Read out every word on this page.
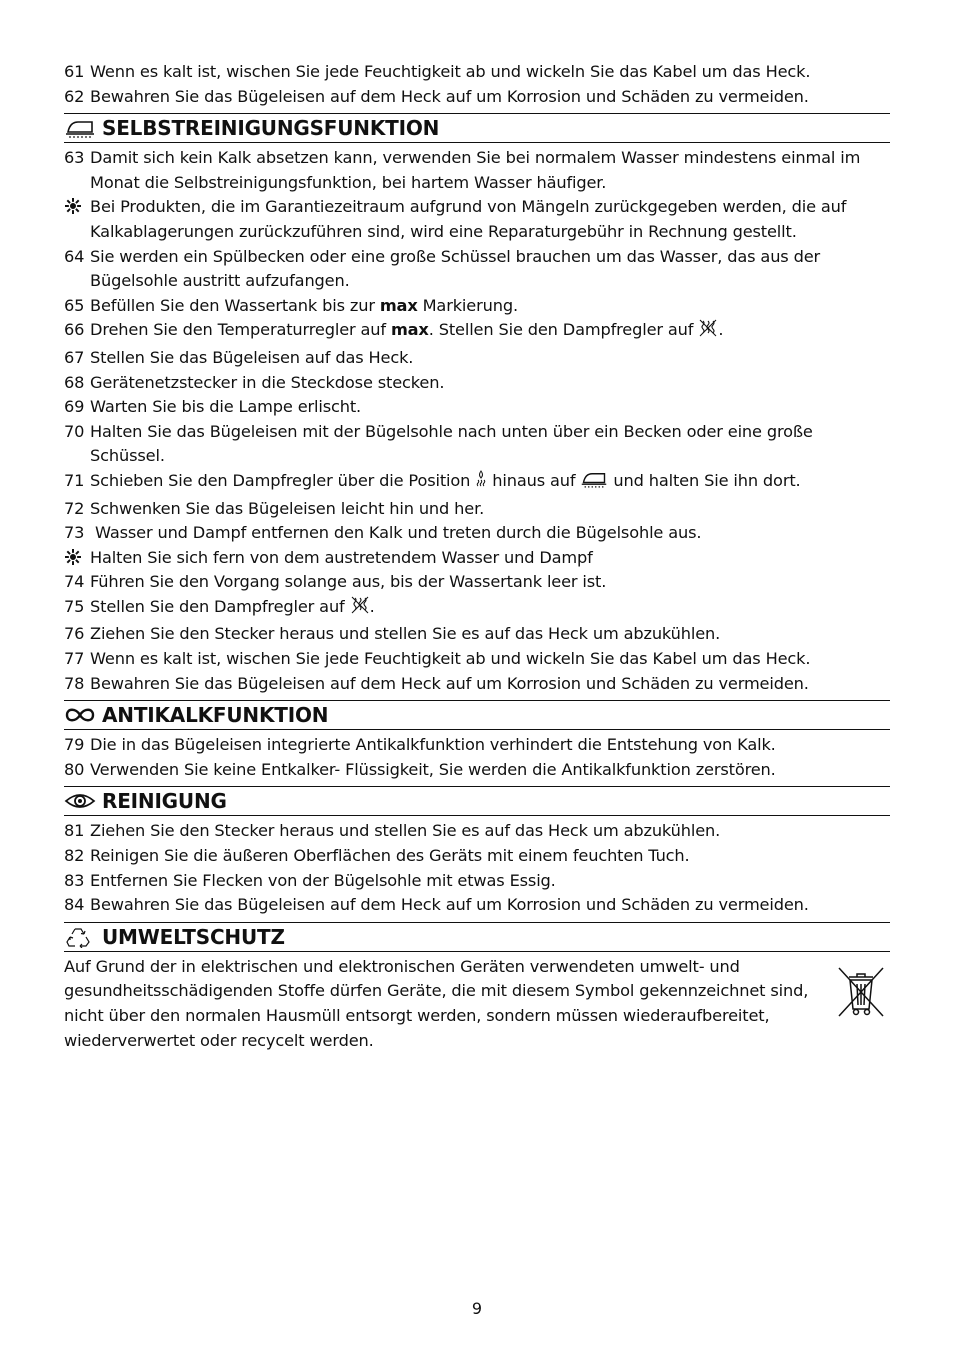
61 Wenn es kalt ist, wischen Sie jede Feuchtigkeit ab und wickeln Sie das Kabel um das Heck.
62 Bewahren Sie das Bügeleisen auf dem Heck auf um Korrosion und Schäden zu vermeiden.
SELBSTREINIGUNGSFUNKTION
63 Damit sich kein Kalk absetzen kann, verwenden Sie bei normalem Wasser mindestens einmal im Monat die Selbstreinigungsfunktion, bei hartem Wasser häufiger.
Bei Produkten, die im Garantiezeitraum aufgrund von Mängeln zurückgegeben werden, die auf Kalkablagerungen zurückzuführen sind, wird eine Reparaturgebühr in Rechnung gestellt.
64 Sie werden ein Spülbecken oder eine große Schüssel brauchen um das Wasser, das aus der Bügelsohle austritt aufzufangen.
65 Befüllen Sie den Wassertank bis zur max Markierung.
66 Drehen Sie den Temperaturregler auf max. Stellen Sie den Dampfregler auf .
67 Stellen Sie das Bügeleisen auf das Heck.
68 Gerätenetzstecker in die Steckdose stecken.
69 Warten Sie bis die Lampe erlischt.
70 Halten Sie das Bügeleisen mit der Bügelsohle nach unten über ein Becken oder eine große Schüssel.
71 Schieben Sie den Dampfregler über die Position  hinaus auf  und halten Sie ihn dort.
72 Schwenken Sie das Bügeleisen leicht hin und her.
73 Wasser und Dampf entfernen den Kalk und treten durch die Bügelsohle aus.
Halten Sie sich fern von dem austretendem Wasser und Dampf
74 Führen Sie den Vorgang solange aus, bis der Wassertank leer ist.
75 Stellen Sie den Dampfregler auf .
76 Ziehen Sie den Stecker heraus und stellen Sie es auf das Heck um abzukühlen.
77 Wenn es kalt ist, wischen Sie jede Feuchtigkeit ab und wickeln Sie das Kabel um das Heck.
78 Bewahren Sie das Bügeleisen auf dem Heck auf um Korrosion und Schäden zu vermeiden.
ANTIKALKFUNKTION
79 Die in das Bügeleisen integrierte Antikalkfunktion verhindert die Entstehung von Kalk.
80 Verwenden Sie keine Entkalker- Flüssigkeit, Sie werden die Antikalkfunktion zerstören.
REINIGUNG
81 Ziehen Sie den Stecker heraus und stellen Sie es auf das Heck um abzukühlen.
82 Reinigen Sie die äußeren Oberflächen des Geräts mit einem feuchten Tuch.
83 Entfernen Sie Flecken von der Bügelsohle mit etwas Essig.
84 Bewahren Sie das Bügeleisen auf dem Heck auf um Korrosion und Schäden zu vermeiden.
UMWELTSCHUTZ
Auf Grund der in elektrischen und elektronischen Geräten verwendeten umwelt- und gesundheitsschädigenden Stoffe dürfen Geräte, die mit diesem Symbol gekennzeichnet sind, nicht über den normalen Hausmüll entsorgt werden, sondern müssen wiederaufbereitet, wiederverwertet oder recycelt werden.
9
